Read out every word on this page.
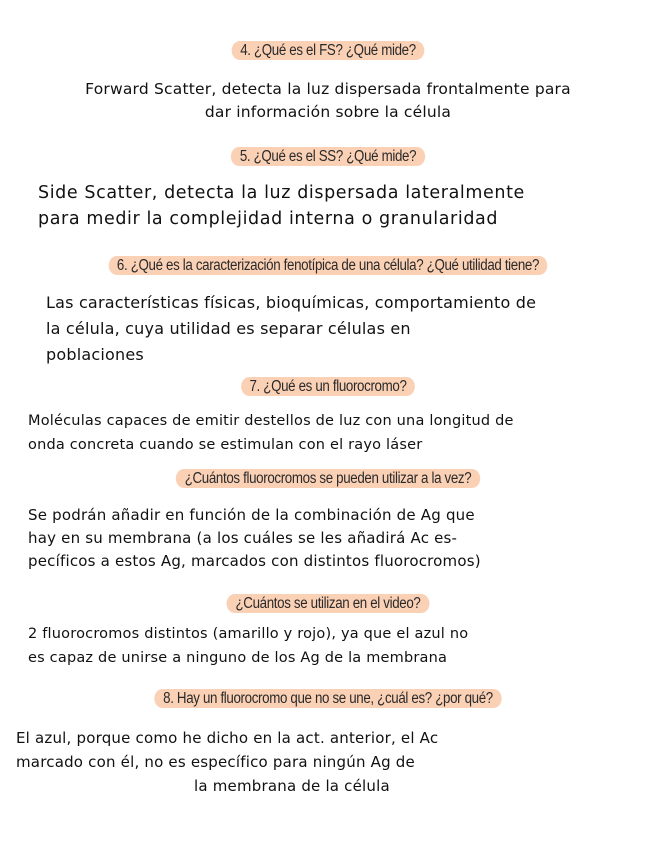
4. ¿Qué es el FS? ¿Qué mide?
Forward Scatter, detecta la luz dispersada frontalmente para
dar información sobre la célula
5. ¿Qué es el SS? ¿Qué mide?
Side Scatter, detecta la luz dispersada lateralmente
para medir la complejidad interna o granularidad
6. ¿Qué es la caracterización fenotípica de una célula? ¿Qué utilidad tiene?
Las características físicas, bioquímicas, comportamiento de
la célula, cuya utilidad es separar células en
poblaciones
7. ¿Qué es un fluorocromo?
Moléculas capaces de emitir destellos de luz con una longitud de
onda concreta cuando se estimulan con el rayo láser
¿Cuántos fluorocromos se pueden utilizar a la vez?
Se podrán añadir en función de la combinación de Ag que
hay en su membrana (a los cuáles se les añadirá Ac es-
pecíficos a estos Ag, marcados con distintos fluorocromos)
¿Cuántos se utilizan en el video?
2 fluorocromos distintos (amarillo y rojo), ya que el azul no
es capaz de unirse a ninguno de los Ag de la membrana
8. Hay un fluorocromo que no se une, ¿cuál es? ¿por qué?
El azul, porque como he dicho en la act. anterior, el Ac
marcado con él, no es específico para ningún Ag de
la membrana de la célula
